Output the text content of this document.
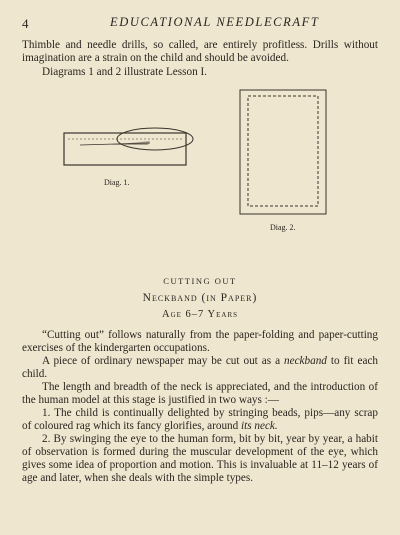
4	EDUCATIONAL NEEDLECRAFT
Thimble and needle drills, so called, are entirely profitless. Drills without imagination are a strain on the child and should be avoided.
Diagrams 1 and 2 illustrate Lesson I.
Diag. 1.
Diag. 2.
CUTTING OUT
Neckband (in Paper)
Age 6–7 Years
“Cutting out” follows naturally from the paper-folding and paper-cutting exercises of the kindergarten occupations.
A piece of ordinary newspaper may be cut out as a neckband to fit each child.
The length and breadth of the neck is appreciated, and the introduction of the human model at this stage is justified in two ways :—
1. The child is continually delighted by stringing beads, pips—any scrap of coloured rag which its fancy glorifies, around its neck.
2. By swinging the eye to the human form, bit by bit, year by year, a habit of observation is formed during the muscular development of the eye, which gives some idea of proportion and motion. This is invaluable at 11–12 years of age and later, when she deals with the simple types.
